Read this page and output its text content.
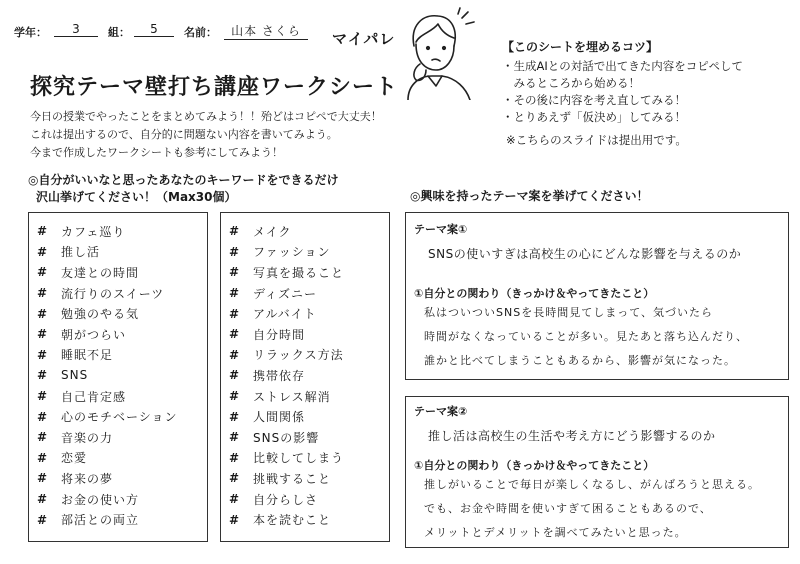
学年：	3	組：	5	名前：	山本 さくら	マイパレ
探究テーマ壁打ち講座ワークシート
今日の授業でやったことをまとめてみよう！！殆どはコピペで大丈夫！
これは提出するので、自分的に問題ない内容を書いてみよう。
今まで作成したワークシートも参考にしてみよう！
【このシートを埋めるコツ】
・生成AIとの対話で出てきた内容をコピペして
　みるところから始める！
・その後に内容を考え直してみる！
・とりあえず「仮決め」してみる！
※こちらのスライドは提出用です。
◎自分がいいなと思ったあなたのキーワードをできるだけ
沢山挙げてください！（Max30個）
#	カフェ巡り
#	推し活
#	友達との時間
#	流行りのスイーツ
#	勉強のやる気
#	朝がつらい
#	睡眠不足
#	SNS
#	自己肯定感
#	心のモチベーション
#	音楽の力
#	恋愛
#	将来の夢
#	お金の使い方
#	部活との両立
#	メイク
#	ファッション
#	写真を撮ること
#	ディズニー
#	アルバイト
#	自分時間
#	リラックス方法
#	携帯依存
#	ストレス解消
#	人間関係
#	SNSの影響
#	比較してしまう
#	挑戦すること
#	自分らしさ
#	本を読むこと
◎興味を持ったテーマ案を挙げてください！
テーマ案①
SNSの使いすぎは高校生の心にどんな影響を与えるのか
①自分との関わり（きっかけ＆やってきたこと）
私はついついSNSを長時間見てしまって、気づいたら
時間がなくなっていることが多い。見たあと落ち込んだり、
誰かと比べてしまうこともあるから、影響が気になった。
テーマ案②
推し活は高校生の生活や考え方にどう影響するのか
①自分との関わり（きっかけ＆やってきたこと）
推しがいることで毎日が楽しくなるし、がんばろうと思える。
でも、お金や時間を使いすぎて困ることもあるので、
メリットとデメリットを調べてみたいと思った。
